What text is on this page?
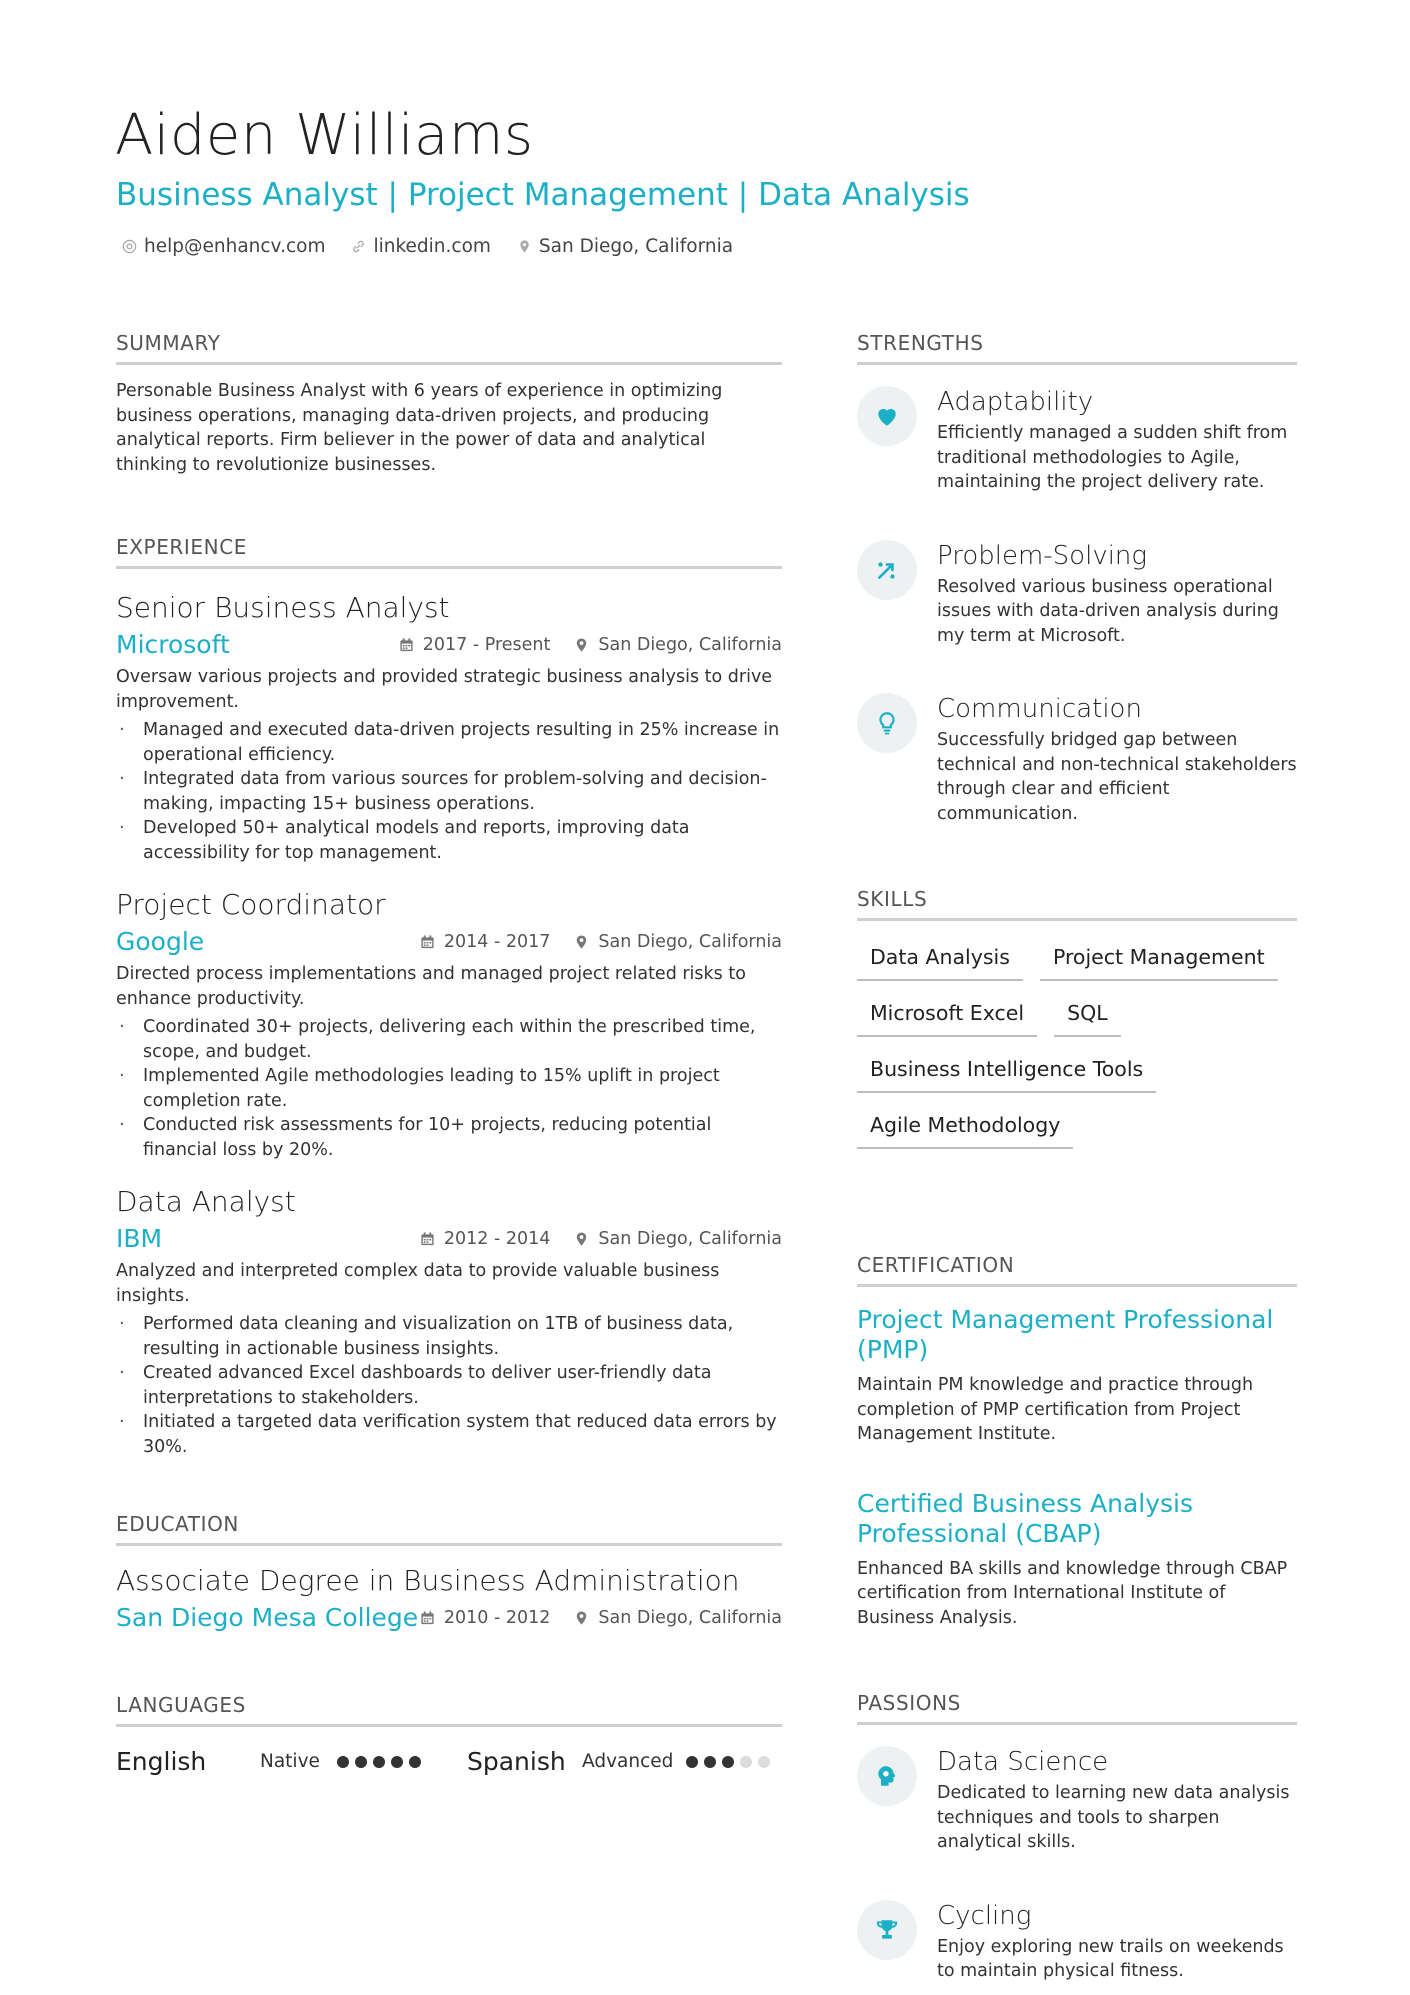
Aiden Williams
Business Analyst | Project Management | Data Analysis
help@enhancv.com	linkedin.com	San Diego, California
SUMMARY
Personable Business Analyst with 6 years of experience in optimizing business operations, managing data-driven projects, and producing analytical reports. Firm believer in the power of data and analytical thinking to revolutionize businesses.
EXPERIENCE
Senior Business Analyst
Microsoft	2017 - Present	San Diego, California
Oversaw various projects and provided strategic business analysis to drive improvement.
· Managed and executed data-driven projects resulting in 25% increase in operational efficiency.
· Integrated data from various sources for problem-solving and decision-making, impacting 15+ business operations.
· Developed 50+ analytical models and reports, improving data accessibility for top management.
Project Coordinator
Google	2014 - 2017	San Diego, California
Directed process implementations and managed project related risks to enhance productivity.
· Coordinated 30+ projects, delivering each within the prescribed time, scope, and budget.
· Implemented Agile methodologies leading to 15% uplift in project completion rate.
· Conducted risk assessments for 10+ projects, reducing potential financial loss by 20%.
Data Analyst
IBM	2012 - 2014	San Diego, California
Analyzed and interpreted complex data to provide valuable business insights.
· Performed data cleaning and visualization on 1TB of business data, resulting in actionable business insights.
· Created advanced Excel dashboards to deliver user-friendly data interpretations to stakeholders.
· Initiated a targeted data verification system that reduced data errors by 30%.
EDUCATION
Associate Degree in Business Administration
San Diego Mesa College 2010 - 2012	San Diego, California
LANGUAGES
English	Native	Spanish Advanced
STRENGTHS
Adaptability
Efficiently managed a sudden shift from traditional methodologies to Agile, maintaining the project delivery rate.
Problem-Solving
Resolved various business operational issues with data-driven analysis during my term at Microsoft.
Communication
Successfully bridged gap between technical and non-technical stakeholders through clear and efficient communication.
SKILLS
Data Analysis	Project Management
Microsoft Excel	SQL
Business Intelligence Tools
Agile Methodology
CERTIFICATION
Project Management Professional (PMP)
Maintain PM knowledge and practice through completion of PMP certification from Project Management Institute.
Certified Business Analysis Professional (CBAP)
Enhanced BA skills and knowledge through CBAP certification from International Institute of Business Analysis.
PASSIONS
Data Science
Dedicated to learning new data analysis techniques and tools to sharpen analytical skills.
Cycling
Enjoy exploring new trails on weekends to maintain physical fitness.
